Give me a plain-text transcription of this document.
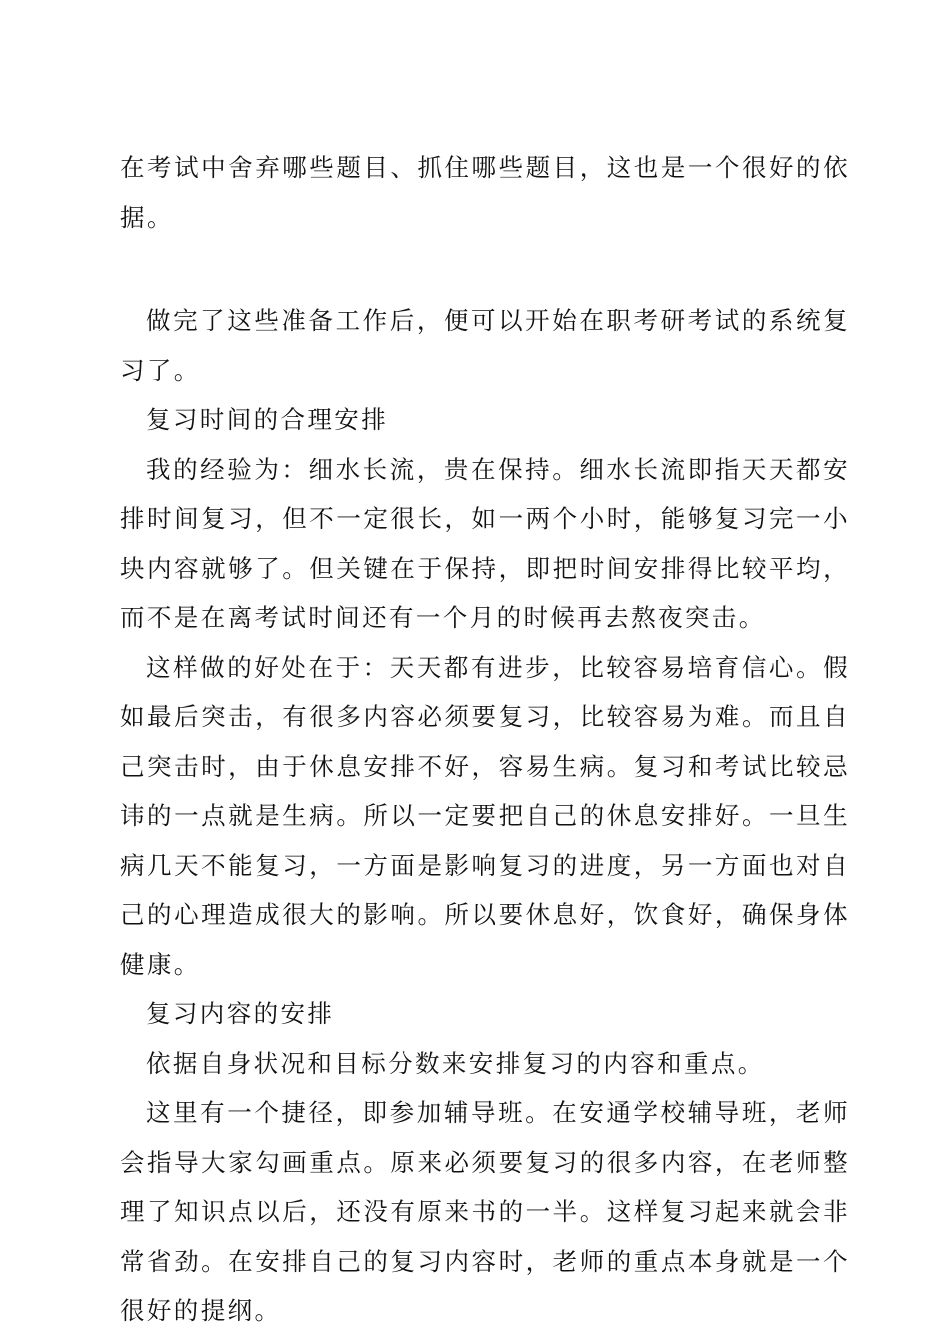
在考试中舍弃哪些题目、抓住哪些题目，这也是一个很好的依据。

做完了这些准备工作后，便可以开始在职考研考试的系统复习了。

复习时间的合理安排

我的经验为：细水长流，贵在保持。细水长流即指天天都安排时间复习，但不一定很长，如一两个小时，能够复习完一小块内容就够了。但关键在于保持，即把时间安排得比较平均，而不是在离考试时间还有一个月的时候再去熬夜突击。

这样做的好处在于：天天都有进步，比较容易培育信心。假如最后突击，有很多内容必须要复习，比较容易为难。而且自己突击时，由于休息安排不好，容易生病。复习和考试比较忌讳的一点就是生病。所以一定要把自己的休息安排好。一旦生病几天不能复习，一方面是影响复习的进度，另一方面也对自己的心理造成很大的影响。所以要休息好，饮食好，确保身体健康。

复习内容的安排

依据自身状况和目标分数来安排复习的内容和重点。

这里有一个捷径，即参加辅导班。在安通学校辅导班，老师会指导大家勾画重点。原来必须要复习的很多内容，在老师整理了知识点以后，还没有原来书的一半。这样复习起来就会非常省劲。在安排自己的复习内容时，老师的重点本身就是一个很好的提纲。
